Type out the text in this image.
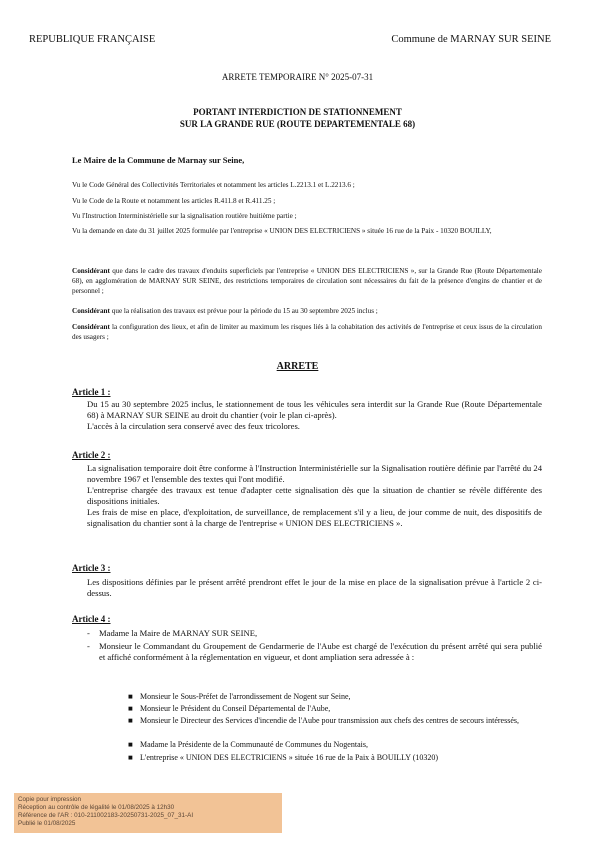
REPUBLIQUE FRANÇAISE	Commune de MARNAY SUR SEINE
ARRETE TEMPORAIRE N° 2025-07-31
PORTANT INTERDICTION DE STATIONNEMENT
SUR LA GRANDE RUE (ROUTE DEPARTEMENTALE 68)
Le Maire de la Commune de Marnay sur Seine,
Vu le Code Général des Collectivités Territoriales et notamment les articles L.2213.1 et L.2213.6 ;
Vu le Code de la Route et notamment les articles R.411.8 et R.411.25 ;
Vu l'Instruction Interministérielle sur la signalisation routière huitième partie ;
Vu la demande en date du 31 juillet 2025 formulée par l'entreprise « UNION DES ELECTRICIENS » située 16 rue de la Paix - 10320 BOUILLY,
Considérant que dans le cadre des travaux d'enduits superficiels par l'entreprise « UNION DES ELECTRICIENS », sur la Grande Rue (Route Départementale 68), en agglomération de MARNAY SUR SEINE, des restrictions temporaires de circulation sont nécessaires du fait de la présence d'engins de chantier et de personnel ;
Considérant que la réalisation des travaux est prévue pour la période du 15 au 30 septembre 2025 inclus ;
Considérant la configuration des lieux, et afin de limiter au maximum les risques liés à la cohabitation des activités de l'entreprise et ceux issus de la circulation des usagers ;
ARRETE
Article 1 :

Du 15 au 30 septembre 2025 inclus, le stationnement de tous les véhicules sera interdit sur la Grande Rue (Route Départementale 68) à MARNAY SUR SEINE au droit du chantier (voir le plan ci-après).

L'accès à la circulation sera conservé avec des feux tricolores.

Article 2 :

La signalisation temporaire doit être conforme à l'Instruction Interministérielle sur la Signalisation routière définie par l'arrêté du 24 novembre 1967 et l'ensemble des textes qui l'ont modifié.

L'entreprise chargée des travaux est tenue d'adapter cette signalisation dès que la situation de chantier se révèle différente des dispositions initiales.

Les frais de mise en place, d'exploitation, de surveillance, de remplacement s'il y a lieu, de jour comme de nuit, des dispositifs de signalisation du chantier sont à la charge de l'entreprise « UNION DES ELECTRICIENS ».

Article 3 :

Les dispositions définies par le présent arrêté prendront effet le jour de la mise en place de la signalisation prévue à l'article 2 ci-dessus.

Article 4 :
- Madame la Maire de MARNAY SUR SEINE,
- Monsieur le Commandant du Groupement de Gendarmerie de l'Aube est chargé de l'exécution du présent arrêté qui sera publié et affiché conformément à la réglementation en vigueur, et dont ampliation sera adressée à :
■ Monsieur le Sous-Préfet de l'arrondissement de Nogent sur Seine,
■ Monsieur le Président du Conseil Départemental de l'Aube,
■ Monsieur le Directeur des Services d'incendie de l'Aube pour transmission aux chefs des centres de secours intéressés,
■ Madame la Présidente de la Communauté de Communes du Nogentais,
■ L'entreprise « UNION DES ELECTRICIENS » située 16 rue de la Paix à BOUILLY (10320)
Copie pour impression
Réception au contrôle de légalité le 01/08/2025 à 12h30
Référence de l'AR : 010-211002183-20250731-2025_07_31-AI
Publié le 01/08/2025
